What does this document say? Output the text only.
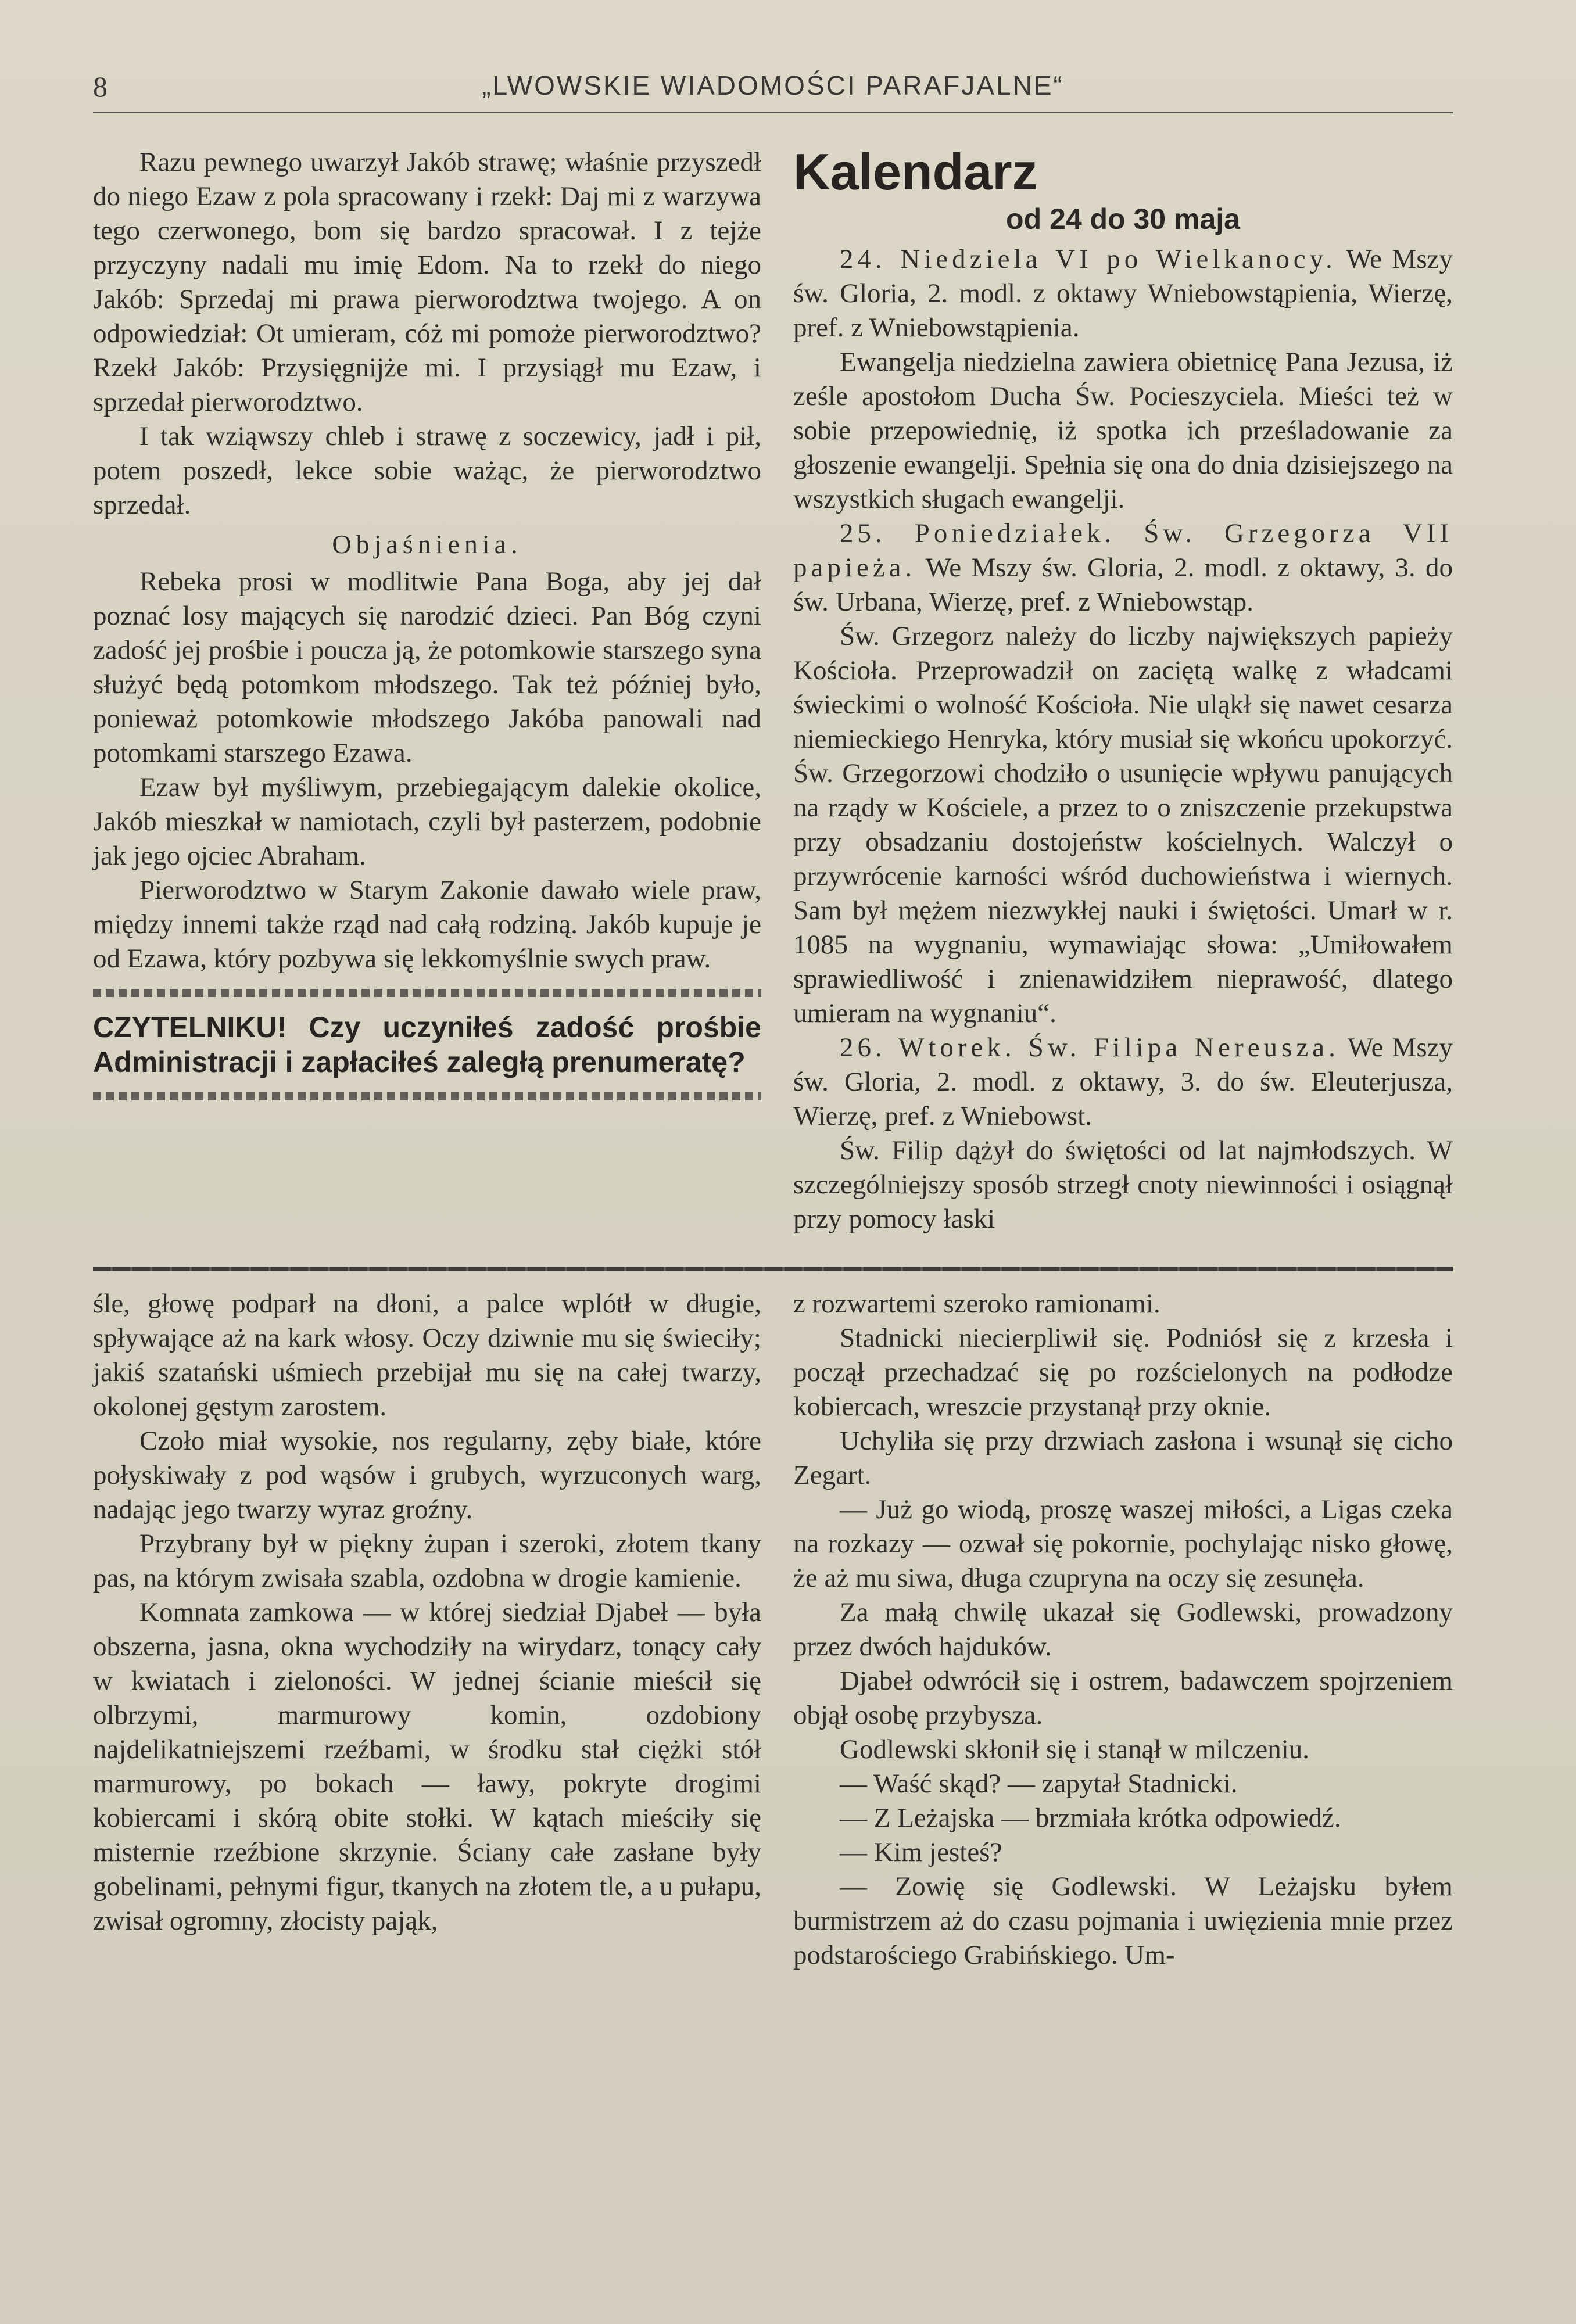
8	„LWOWSKIE WIADOMOŚCI PARAFJALNE“

Razu pewnego uwarzył Jakób strawę; właśnie przyszedł do niego Ezaw z pola spracowany i rzekł: Daj mi z warzywa tego czerwonego, bom się bardzo spracował. I z tejże przyczyny nadali mu imię Edom. Na to rzekł do niego Jakób: Sprzedaj mi prawa pierworodztwa twojego. A on odpowiedział: Ot umieram, cóż mi pomoże pierworodztwo? Rzekł Jakób: Przysięgnijże mi. I przysiągł mu Ezaw, i sprzedał pierworodztwo.

I tak wziąwszy chleb i strawę z soczewicy, jadł i pił, potem poszedł, lekce sobie ważąc, że pierworodztwo sprzedał.

Objaśnienia.

Rebeka prosi w modlitwie Pana Boga, aby jej dał poznać losy mających się narodzić dzieci. Pan Bóg czyni zadość jej prośbie i poucza ją, że potomkowie starszego syna służyć będą potomkom młodszego. Tak też później było, ponieważ potomkowie młodszego Jakóba panowali nad potomkami starszego Ezawa.

Ezaw był myśliwym, przebiegającym dalekie okolice, Jakób mieszkał w namiotach, czyli był pasterzem, podobnie jak jego ojciec Abraham.

Pierworodztwo w Starym Zakonie dawało wiele praw, między innemi także rząd nad całą rodziną. Jakób kupuje je od Ezawa, który pozbywa się lekkomyślnie swych praw.

CZYTELNIKU! Czy uczyniłeś zadość prośbie Administracji i zapłaciłeś zaległą prenumeratę?
Kalendarz
od 24 do 30 maja

24. Niedziela VI po Wielkanocy. We Mszy św. Gloria, 2. modl. z oktawy Wniebowstąpienia, Wierzę, pref. z Wniebowstąpienia.

Ewangelja niedzielna zawiera obietnicę Pana Jezusa, iż ześle apostołom Ducha Św. Pocieszyciela. Mieści też w sobie przepowiednię, iż spotka ich prześladowanie za głoszenie ewangelji. Spełnia się ona do dnia dzisiejszego na wszystkich sługach ewangelji.

25. Poniedziałek. Św. Grzegorza VII papieża. We Mszy św. Gloria, 2. modl. z oktawy, 3. do św. Urbana, Wierzę, pref. z Wniebowstąp.

Św. Grzegorz należy do liczby największych papieży Kościoła. Przeprowadził on zaciętą walkę z władcami świeckimi o wolność Kościoła. Nie uląkł się nawet cesarza niemieckiego Henryka, który musiał się wkońcu upokorzyć. Św. Grzegorzowi chodziło o usunięcie wpływu panujących na rządy w Kościele, a przez to o zniszczenie przekupstwa przy obsadzaniu dostojeństw kościelnych. Walczył o przywrócenie karności wśród duchowieństwa i wiernych. Sam był mężem niezwykłej nauki i świętości. Umarł w r. 1085 na wygnaniu, wymawiając słowa: „Umiłowałem sprawiedliwość i znienawidziłem nieprawość, dlatego umieram na wygnaniu“.

26. Wtorek. Św. Filipa Nereusza. We Mszy św. Gloria, 2. modl. z oktawy, 3. do św. Eleuterjusza, Wierzę, pref. z Wniebowst.

Św. Filip dążył do świętości od lat najmłodszych. W szczególniejszy sposób strzegł cnoty niewinności i osiągnął przy pomocy łaski

śle, głowę podparł na dłoni, a palce wplótł w długie, spływające aż na kark włosy. Oczy dziwnie mu się świeciły; jakiś szatański uśmiech przebijał mu się na całej twarzy, okolonej gęstym zarostem.

Czoło miał wysokie, nos regularny, zęby białe, które połyskiwały z pod wąsów i grubych, wyrzuconych warg, nadając jego twarzy wyraz groźny.

Przybrany był w piękny żupan i szeroki, złotem tkany pas, na którym zwisała szabla, ozdobna w drogie kamienie.

Komnata zamkowa — w której siedział Djabeł — była obszerna, jasna, okna wychodziły na wirydarz, tonący cały w kwiatach i zieloności. W jednej ścianie mieścił się olbrzymi, marmurowy komin, ozdobiony najdelikatniejszemi rzeźbami, w środku stał ciężki stół marmurowy, po bokach — ławy, pokryte drogimi kobiercami i skórą obite stołki. W kątach mieściły się misternie rzeźbione skrzynie. Ściany całe zasłane były gobelinami, pełnymi figur, tkanych na złotem tle, a u pułapu, zwisał ogromny, złocisty pająk,

z rozwartemi szeroko ramionami.

Stadnicki niecierpliwił się. Podniósł się z krzesła i począł przechadzać się po rozścielonych na podłodze kobiercach, wreszcie przystanął przy oknie.

Uchyliła się przy drzwiach zasłona i wsunął się cicho Zegart.

— Już go wiodą, proszę waszej miłości, a Ligas czeka na rozkazy — ozwał się pokornie, pochylając nisko głowę, że aż mu siwa, długa czupryna na oczy się zesunęła.

Za małą chwilę ukazał się Godlewski, prowadzony przez dwóch hajduków.

Djabeł odwrócił się i ostrem, badawczem spojrzeniem objął osobę przybysza.

Godlewski skłonił się i stanął w milczeniu.

— Waść skąd? — zapytał Stadnicki.

— Z Leżajska — brzmiała krótka odpowiedź.

— Kim jesteś?

— Zowię się Godlewski. W Leżajsku byłem burmistrzem aż do czasu pojmania i uwięzienia mnie przez podstarościego Grabińskiego. Um-
